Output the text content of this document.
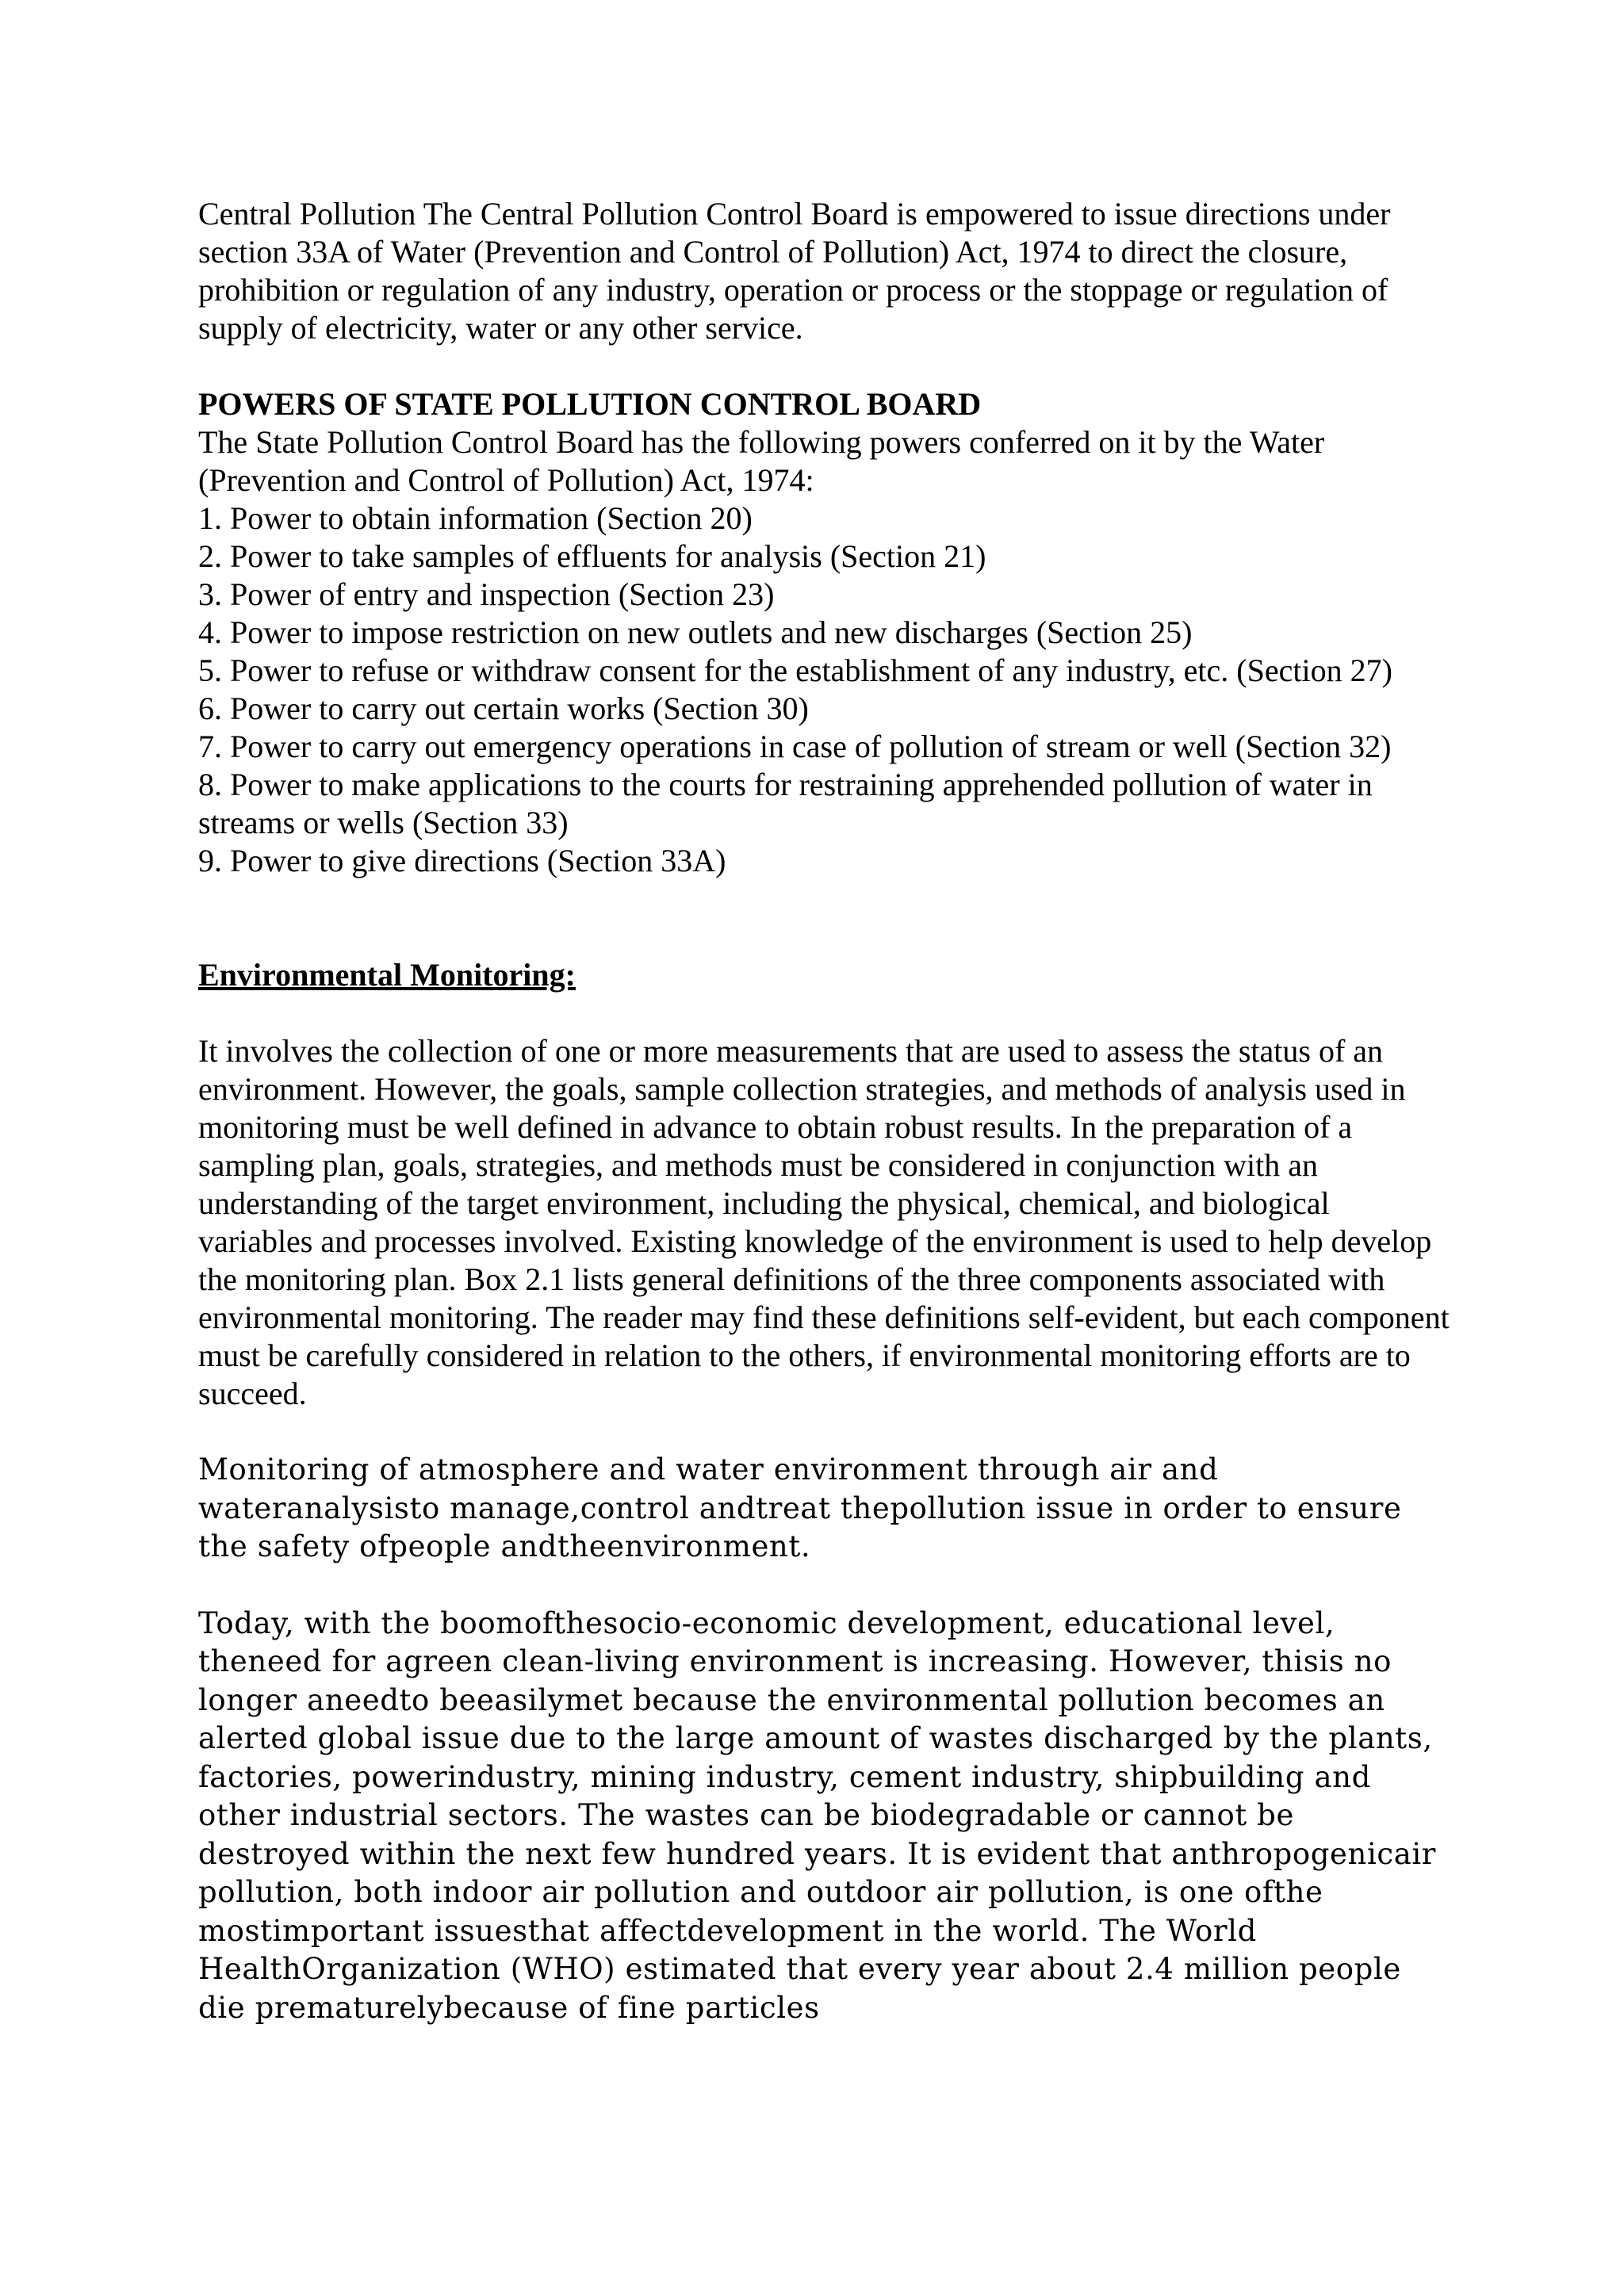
Central Pollution The Central Pollution Control Board is empowered to issue directions under section 33A of Water (Prevention and Control of Pollution) Act, 1974 to direct the closure, prohibition or regulation of any industry, operation or process or the stoppage or regulation of supply of electricity, water or any other service.

POWERS OF STATE POLLUTION CONTROL BOARD

The State Pollution Control Board has the following powers conferred on it by the Water (Prevention and Control of Pollution) Act, 1974:

1. Power to obtain information (Section 20)
2. Power to take samples of effluents for analysis (Section 21)
3. Power of entry and inspection (Section 23)
4. Power to impose restriction on new outlets and new discharges (Section 25)
5. Power to refuse or withdraw consent for the establishment of any industry, etc. (Section 27)
6. Power to carry out certain works (Section 30)
7. Power to carry out emergency operations in case of pollution of stream or well (Section 32)
8. Power to make applications to the courts for restraining apprehended pollution of water in streams or wells (Section 33)
9. Power to give directions (Section 33A)

Environmental Monitoring:

It involves the collection of one or more measurements that are used to assess the status of an environment. However, the goals, sample collection strategies, and methods of analysis used in monitoring must be well defined in advance to obtain robust results. In the preparation of a sampling plan, goals, strategies, and methods must be considered in conjunction with an understanding of the target environment, including the physical, chemical, and biological variables and processes involved. Existing knowledge of the environment is used to help develop the monitoring plan. Box 2.1 lists general definitions of the three components associated with environmental monitoring. The reader may find these definitions self-evident, but each component must be carefully considered in relation to the others, if environmental monitoring efforts are to succeed.

Monitoring of atmosphere and water environment through air and wateranalysisto manage,control andtreat thepollution issue in order to ensure the safety ofpeople andtheenvironment.

Today, with the boomofthesocio-economic development, educational level, theneed for agreen clean-living environment is increasing. However, thisis no longer aneedto beeasilymet because the environmental pollution becomes an alerted global issue due to the large amount of wastes discharged by the plants, factories, powerindustry, mining industry, cement industry, shipbuilding and other industrial sectors. The wastes can be biodegradable or cannot be destroyed within the next few hundred years. It is evident that anthropogenicair pollution, both indoor air pollution and outdoor air pollution, is one ofthe mostimportant issuesthat affectdevelopment in the world. The World HealthOrganization (WHO) estimated that every year about 2.4 million people die prematurelybecause of fine particles
